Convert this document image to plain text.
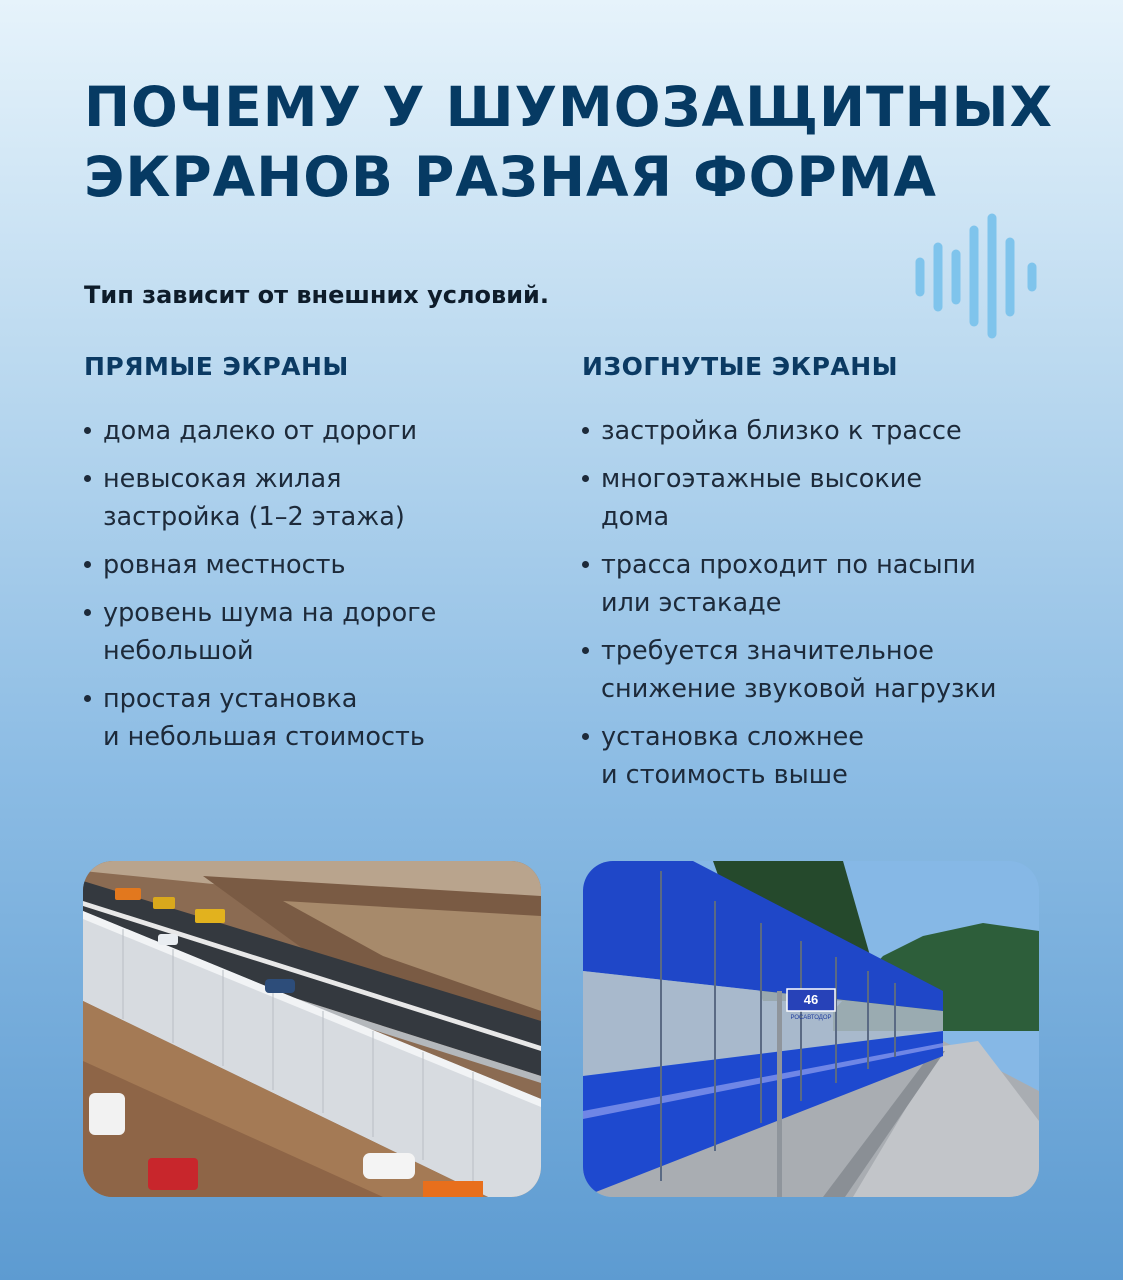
ПОЧЕМУ У ШУМОЗАЩИТНЫХ
ЭКРАНОВ РАЗНАЯ ФОРМА

Тип зависит от внешних условий.

ПРЯМЫЕ ЭКРАНЫ
дома далеко от дороги
невысокая жилая
застройка (1–2 этажа)
ровная местность
уровень шума на дороге
небольшой
простая установка
и небольшая стоимость
ИЗОГНУТЫЕ ЭКРАНЫ
застройка близко к трассе
многоэтажные высокие
дома
трасса проходит по насыпи
или эстакаде
требуется значительное
снижение звуковой нагрузки
установка сложнее
и стоимость выше
46
РОСАВТОДОР
